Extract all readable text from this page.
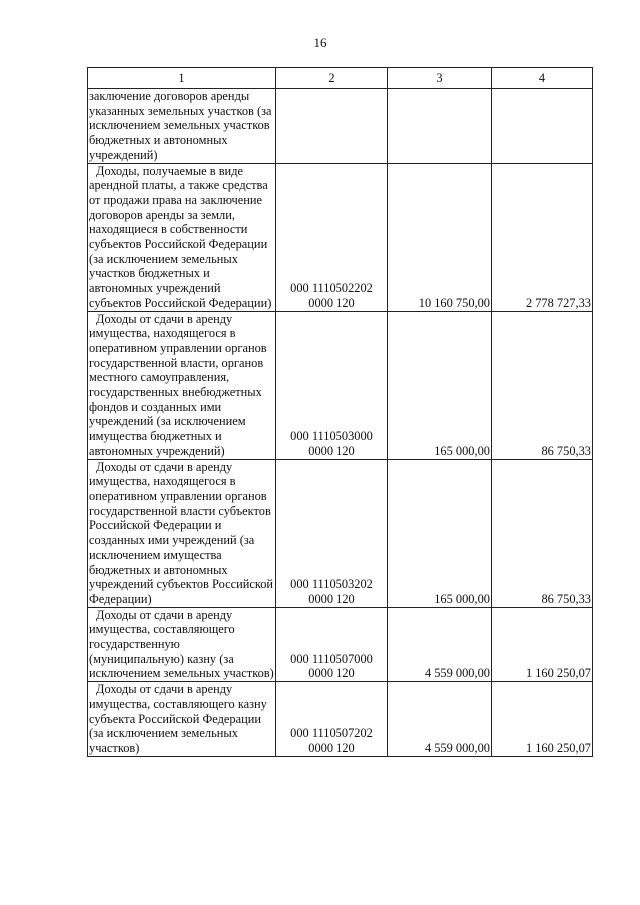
16
1	2	3	4

заключение договоров аренды указанных земельных участков (за исключением земельных участков бюджетных и автономных учреждений)			

Доходы, получаемые в виде арендной платы, а также средства от продажи права на заключение договоров аренды за земли, находящиеся в собственности субъектов Российской Федерации (за исключением земельных участков бюджетных и автономных учреждений субъектов Российской Федерации)	000 1110502202
0000 120	10 160 750,00	2 778 727,33

Доходы от сдачи в аренду имущества, находящегося в оперативном управлении органов государственной власти, органов местного самоуправления, государственных внебюджетных фондов и созданных ими учреждений (за исключением имущества бюджетных и автономных учреждений)	000 1110503000
0000 120	165 000,00	86 750,33

Доходы от сдачи в аренду имущества, находящегося в оперативном управлении органов государственной власти субъектов Российской Федерации и созданных ими учреждений (за исключением имущества бюджетных и автономных учреждений субъектов Российской Федерации)	000 1110503202
0000 120	165 000,00	86 750,33

Доходы от сдачи в аренду имущества, составляющего государственную (муниципальную) казну (за исключением земельных участков)	000 1110507000
0000 120	4 559 000,00	1 160 250,07

Доходы от сдачи в аренду имущества, составляющего казну субъекта Российской Федерации (за исключением земельных участков)	000 1110507202
0000 120	4 559 000,00	1 160 250,07
